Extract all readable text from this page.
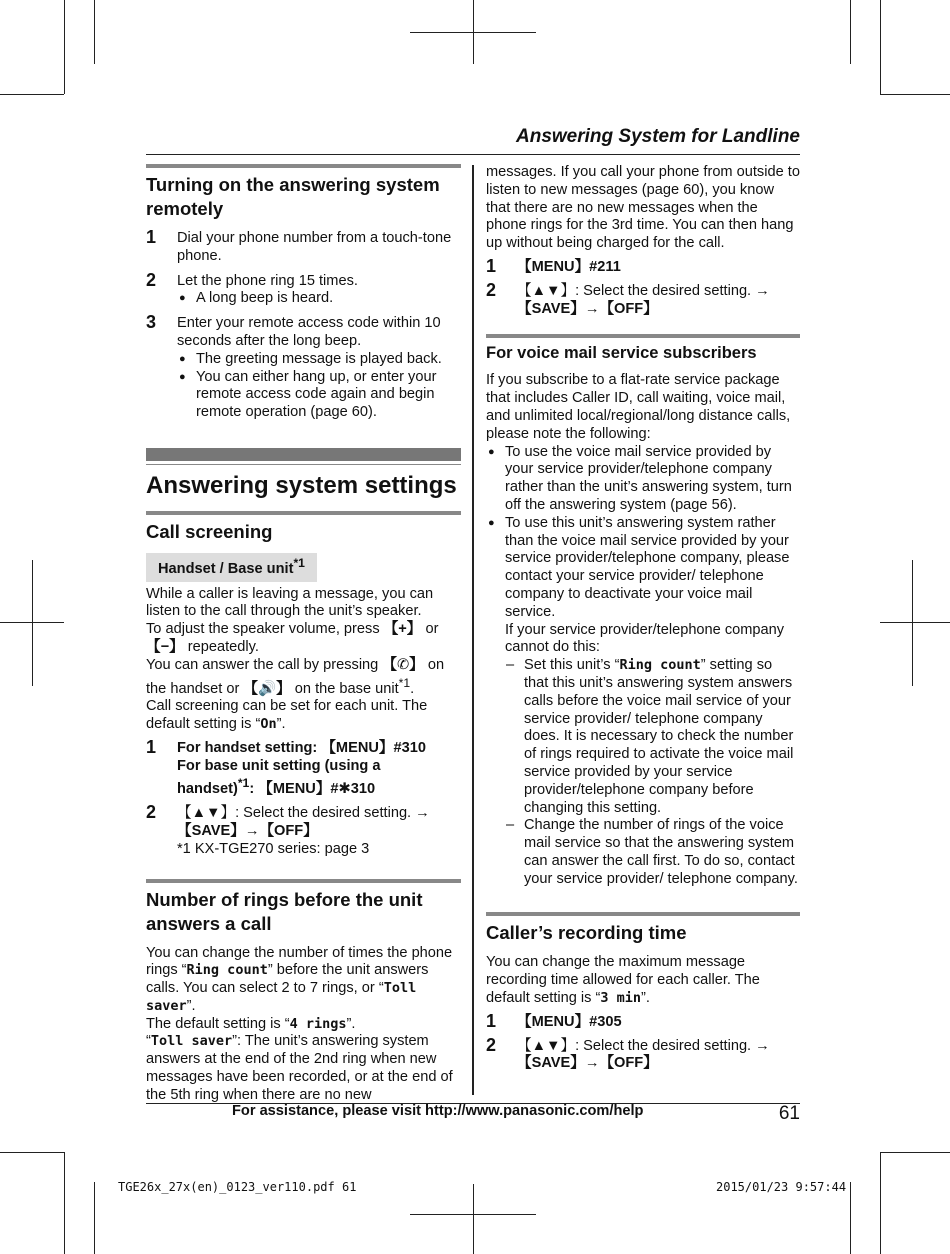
Answering System for Landline
Turning on the answering system remotely
1 Dial your phone number from a touch-tone phone.

2 Let the phone ring 15 times.

● A long beep is heard.
3 Enter your remote access code within 10 seconds after the long beep.

● The greeting message is played back.
● You can either hang up, or enter your remote access code again and begin remote operation (page 60).
Answering system settings
Call screening
Handset / Base unit$^{*1}$

While a caller is leaving a message, you can listen to the call through the unit’s speaker.

To adjust the speaker volume, press 【+】 or 【−】 repeatedly.

You can answer the call by pressing 【✆】 on the handset or 【🔊】 on the base unit$^{*1}$.

Call screening can be set for each unit. The default setting is “On”.

1 For handset setting: 【MENU】#310

For base unit setting (using a handset)$^{*1}$: 【MENU】#✱310

2 【▲▼】: Select the desired setting. →

【SAVE】→【OFF】

*1 KX-TGE270 series: page 3

Number of rings before the unit answers a call

You can change the number of times the phone rings “Ring count” before the unit answers calls. You can select 2 to 7 rings, or “Toll saver”.

The default setting is “4 rings”.

“Toll saver”: The unit’s answering system answers at the end of the 2nd ring when new messages have been recorded, or at the end of the 5th ring when there are no new

messages. If you call your phone from outside to listen to new messages (page 60), you know that there are no new messages when the phone rings for the 3rd time. You can then hang up without being charged for the call.

1 【MENU】#211

2 【▲▼】: Select the desired setting. →

【SAVE】→【OFF】

For voice mail service subscribers

If you subscribe to a flat-rate service package that includes Caller ID, call waiting, voice mail, and unlimited local/regional/long distance calls, please note the following:

● To use the voice mail service provided by your service provider/telephone company rather than the unit’s answering system, turn off the answering system (page 56).
● To use this unit’s answering system rather than the voice mail service provided by your service provider/telephone company, please contact your service provider/ telephone company to deactivate your voice mail service.

If your service provider/telephone company cannot do this:

– Set this unit’s “Ring count” setting so that this unit’s answering system answers calls before the voice mail service of your service provider/ telephone company does. It is necessary to check the number of rings required to activate the voice mail service provided by your service provider/telephone company before changing this setting.
– Change the number of rings of the voice mail service so that the answering system can answer the call first. To do so, contact your service provider/ telephone company.
Caller’s recording time

You can change the maximum message recording time allowed for each caller. The default setting is “3 min”.

1 【MENU】#305

2 【▲▼】: Select the desired setting. →

【SAVE】→【OFF】

For assistance, please visit http://www.panasonic.com/help	61
TGE26x_27x(en)_0123_ver110.pdf 61	2015/01/23 9:57:44
